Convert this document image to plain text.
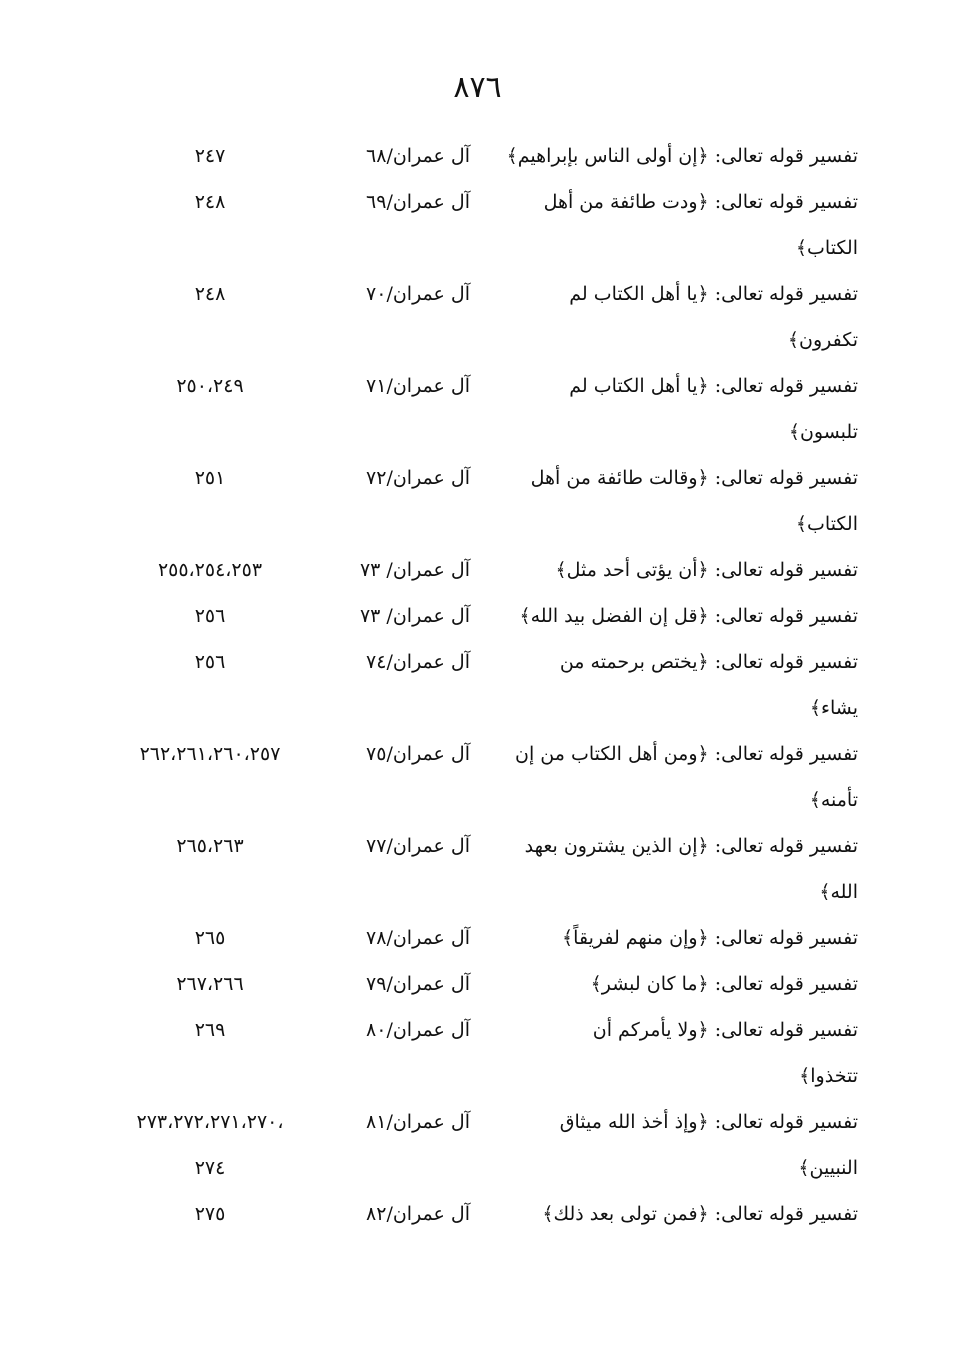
٨٧٦
تفسير قوله تعالى: ﴿إن أولى الناس بإبراهيم﴾
آل عمران/٦٨
٢٤٧
تفسير قوله تعالى: ﴿ودت طائفة من أهل
آل عمران/٦٩
٢٤٨
الكتاب﴾
تفسير قوله تعالى: ﴿يا أهل الكتاب لم
آل عمران/٧٠
٢٤٨
تكفرون﴾
تفسير قوله تعالى: ﴿يا أهل الكتاب لم
آل عمران/٧١
٢٥٠،٢٤٩
تلبسون﴾
تفسير قوله تعالى: ﴿وقالت طائفة من أهل
آل عمران/٧٢
٢٥١
الكتاب﴾
تفسير قوله تعالى: ﴿أن يؤتى أحد مثل﴾
آل عمران/ ٧٣
٢٥٥،٢٥٤،٢٥٣
تفسير قوله تعالى: ﴿قل إن الفضل بيد الله﴾
آل عمران/ ٧٣
٢٥٦
تفسير قوله تعالى: ﴿يختص برحمته من
آل عمران/٧٤
٢٥٦
يشاء﴾
تفسير قوله تعالى: ﴿ومن أهل الكتاب من إن
آل عمران/٧٥
٢٦٢،٢٦١،٢٦٠،٢٥٧
تأمنه﴾
تفسير قوله تعالى: ﴿إن الذين يشترون بعهد
آل عمران/٧٧
٢٦٥،٢٦٣
الله﴾
تفسير قوله تعالى: ﴿وإن منهم لفريقاً﴾
آل عمران/٧٨
٢٦٥
تفسير قوله تعالى: ﴿ما كان لبشر﴾
آل عمران/٧٩
٢٦٧،٢٦٦
تفسير قوله تعالى: ﴿ولا يأمركم أن
آل عمران/٨٠
٢٦٩
تتخذوا﴾
تفسير قوله تعالى: ﴿وإذ أخذ الله ميثاق
آل عمران/٨١
،٢٧٣،٢٧٢،٢٧١،٢٧٠
النبيين﴾
٢٧٤
تفسير قوله تعالى: ﴿فمن تولى بعد ذلك﴾
آل عمران/٨٢
٢٧٥
